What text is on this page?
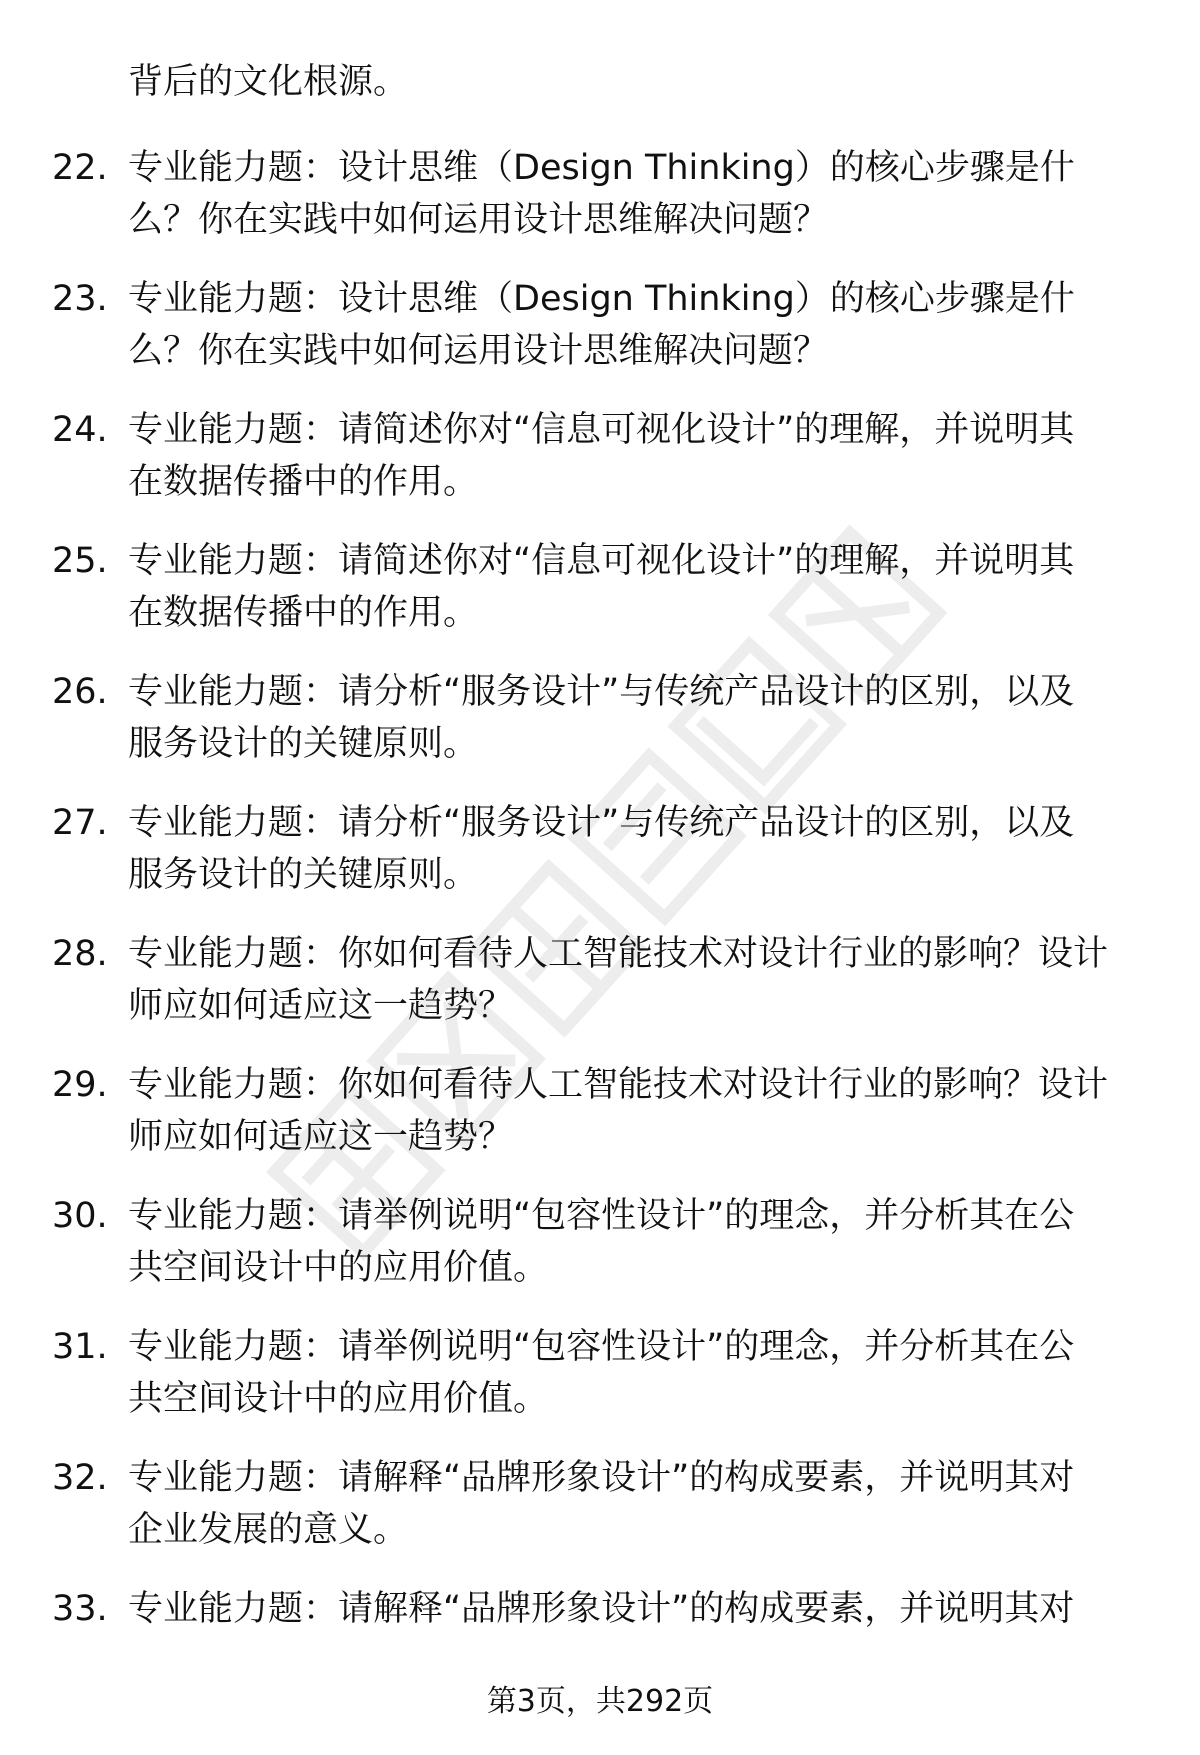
背后的文化根源。
22. 专业能力题：设计思维（Design Thinking）的核心步骤是什
么？你在实践中如何运用设计思维解决问题？
23. 专业能力题：设计思维（Design Thinking）的核心步骤是什
么？你在实践中如何运用设计思维解决问题？
24. 专业能力题：请简述你对“信息可视化设计”的理解，并说明其
在数据传播中的作用。
25. 专业能力题：请简述你对“信息可视化设计”的理解，并说明其
在数据传播中的作用。
26. 专业能力题：请分析“服务设计”与传统产品设计的区别，以及
服务设计的关键原则。
27. 专业能力题：请分析“服务设计”与传统产品设计的区别，以及
服务设计的关键原则。
28. 专业能力题：你如何看待人工智能技术对设计行业的影响？设计
师应如何适应这一趋势？
29. 专业能力题：你如何看待人工智能技术对设计行业的影响？设计
师应如何适应这一趋势？
30. 专业能力题：请举例说明“包容性设计”的理念，并分析其在公
共空间设计中的应用价值。
31. 专业能力题：请举例说明“包容性设计”的理念，并分析其在公
共空间设计中的应用价值。
32. 专业能力题：请解释“品牌形象设计”的构成要素，并说明其对
企业发展的意义。
33. 专业能力题：请解释“品牌形象设计”的构成要素，并说明其对
第3页，共292页
